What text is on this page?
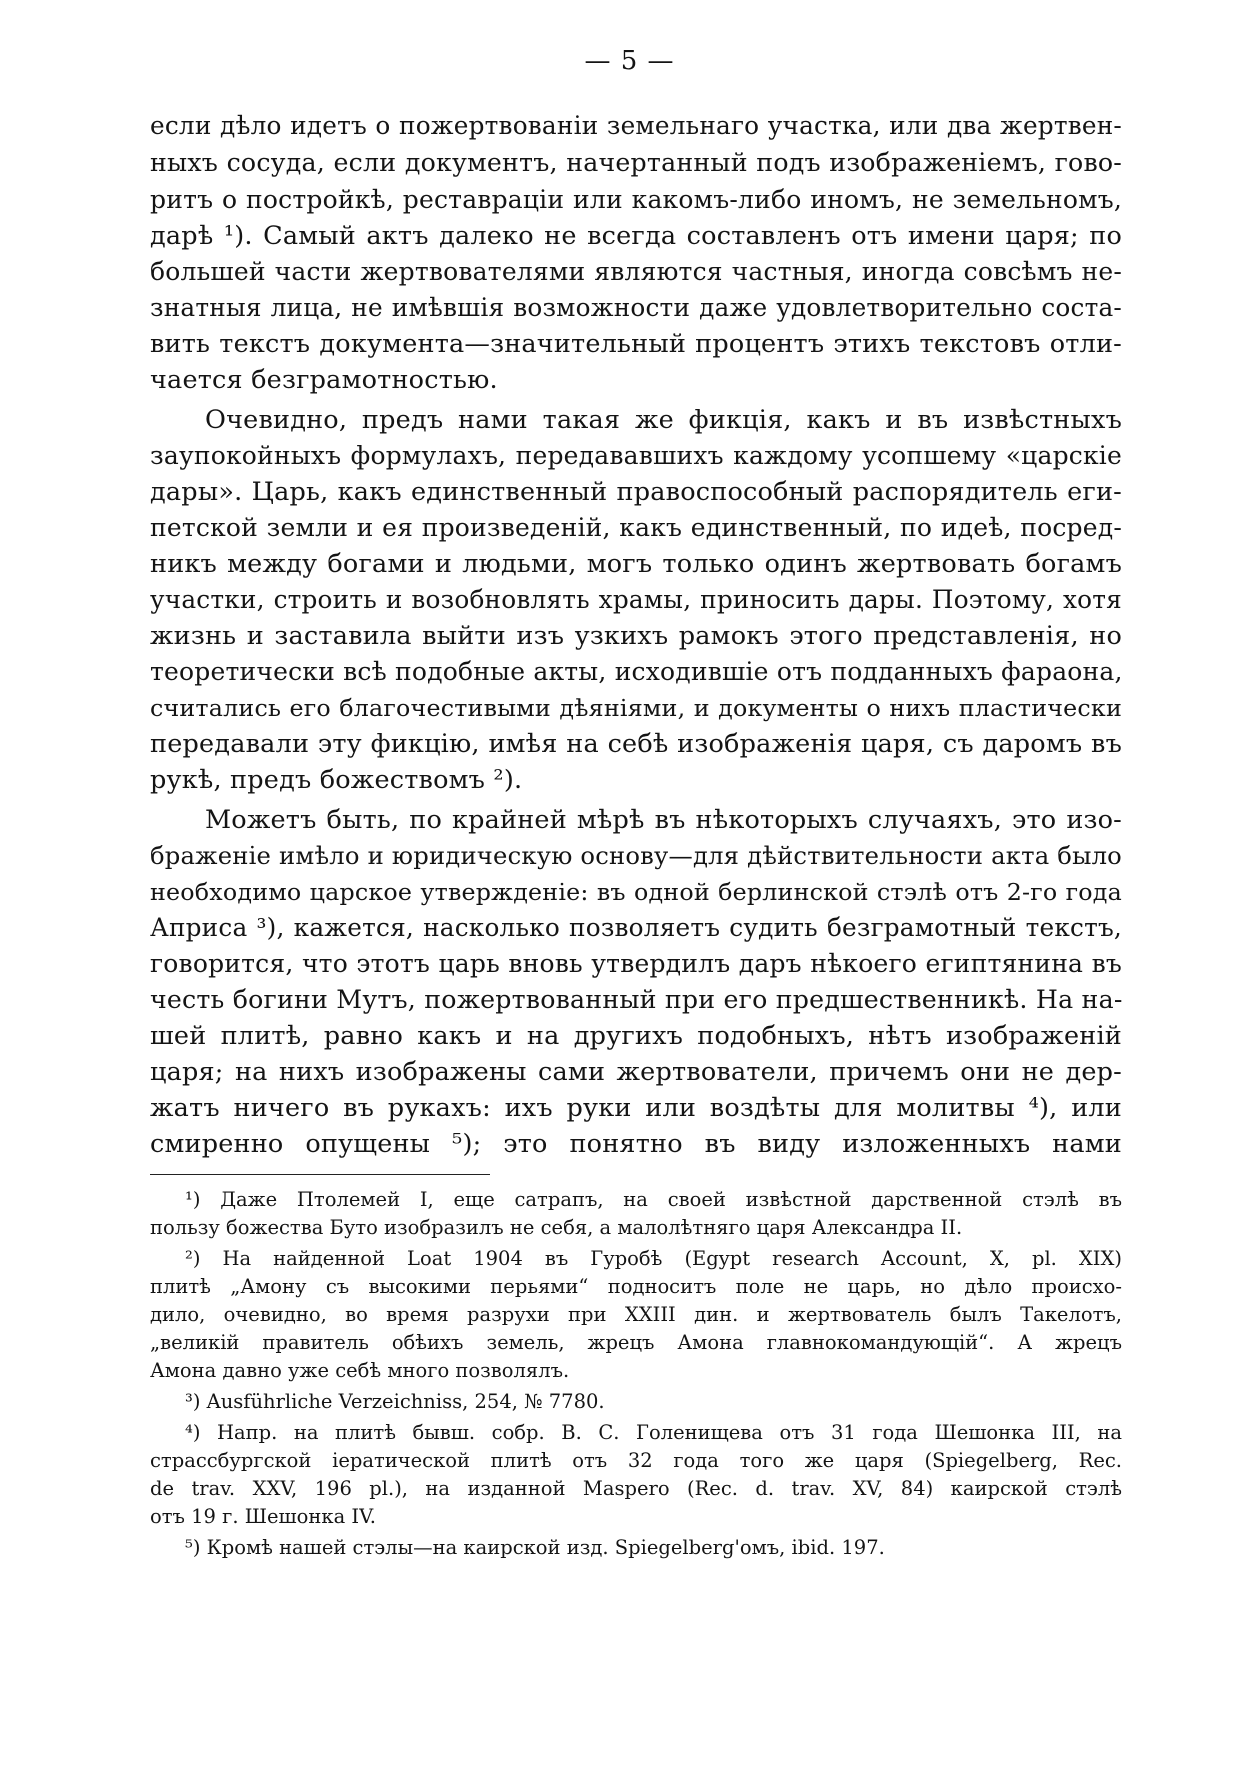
— 5 —
если дѣло идетъ о пожертвованіи земельнаго участка, или два жертвен-
ныхъ сосуда, если документъ, начертанный подъ изображеніемъ, гово-
ритъ о постройкѣ, реставраціи или какомъ-либо иномъ, не земельномъ,
дарѣ ¹). Самый актъ далеко не всегда составленъ отъ имени царя; по
большей части жертвователями являются частныя, иногда совсѣмъ не-
знатныя лица, не имѣвшія возможности даже удовлетворительно соста-
вить текстъ документа—значительный процентъ этихъ текстовъ отли-
чается безграмотностью.
Очевидно, предъ нами такая же фикція, какъ и въ извѣстныхъ
заупокойныхъ формулахъ, передававшихъ каждому усопшему «царскіе
дары». Царь, какъ единственный правоспособный распорядитель еги-
петской земли и ея произведеній, какъ единственный, по идеѣ, посред-
никъ между богами и людьми, могъ только одинъ жертвовать богамъ
участки, строить и возобновлять храмы, приносить дары. Поэтому, хотя
жизнь и заставила выйти изъ узкихъ рамокъ этого представленія, но
теоретически всѣ подобные акты, исходившіе отъ подданныхъ фараона,
считались его благочестивыми дѣяніями, и документы о нихъ пластически
передавали эту фикцію, имѣя на себѣ изображенія царя, съ даромъ въ
рукѣ, предъ божествомъ ²).
Можетъ быть, по крайней мѣрѣ въ нѣкоторыхъ случаяхъ, это изо-
браженіе имѣло и юридическую основу—для дѣйствительности акта было
необходимо царское утвержденіе: въ одной берлинской стэлѣ отъ 2-го года
Априса ³), кажется, насколько позволяетъ судить безграмотный текстъ,
говорится, что этотъ царь вновь утвердилъ даръ нѣкоего египтянина въ
честь богини Мутъ, пожертвованный при его предшественникѣ. На на-
шей плитѣ, равно какъ и на другихъ подобныхъ, нѣтъ изображеній
царя; на нихъ изображены сами жертвователи, причемъ они не дер-
жатъ ничего въ рукахъ: ихъ руки или воздѣты для молитвы ⁴), или
смиренно опущены ⁵); это понятно въ виду изложенныхъ нами
¹) Даже Птолемей I, еще сатрапъ, на своей извѣстной дарственной стэлѣ въ
пользу божества Буто изобразилъ не себя, а малолѣтняго царя Александра II.
²) На найденной Loat 1904 въ Гуробѣ (Egypt research Account, X, pl. XIX)
плитѣ „Амону съ высокими перьями“ подноситъ поле не царь, но дѣло происхо-
дило, очевидно, во время разрухи при XXIII дин. и жертвователь былъ Такелотъ,
„великій правитель обѣихъ земель, жрецъ Амона главнокомандующій“. А жрецъ
Амона давно уже себѣ много позволялъ.
³) Ausführliche Verzeichniss, 254, № 7780.
⁴) Напр. на плитѣ бывш. собр. В. С. Голенищева отъ 31 года Шешонка III, на
страссбургской іератической плитѣ отъ 32 года того же царя (Spiegelberg, Rec.
de trav. XXV, 196 pl.), на изданной Maspero (Rec. d. trav. XV, 84) каирской стэлѣ
отъ 19 г. Шешонка IV.
⁵) Кромѣ нашей стэлы—на каирской изд. Spiegelberg'омъ, ibid. 197.
